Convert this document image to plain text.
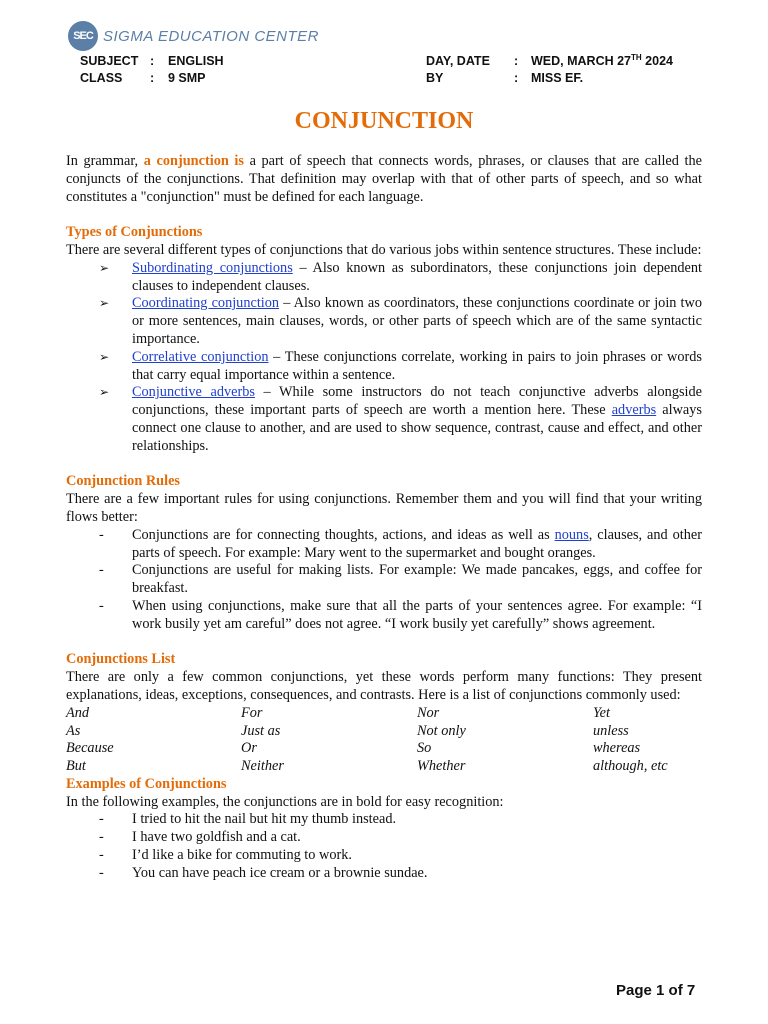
SEC SIGMA EDUCATION CENTER
SUBJECT :	ENGLISH
CLASS	:	9 SMP
DAY, DATE	:	WED, MARCH 27TH 2024
BY	:	MISS EF.
CONJUNCTION

In grammar, a conjunction is a part of speech that connects words, phrases, or clauses that are called the conjuncts of the conjunctions. That definition may overlap with that of other parts of speech, and so what constitutes a "conjunction" must be defined for each language.

Types of Conjunctions

There are several different types of conjunctions that do various jobs within sentence structures. These include:

➢ Subordinating conjunctions – Also known as subordinators, these conjunctions join dependent clauses to independent clauses.
➢ Coordinating conjunction – Also known as coordinators, these conjunctions coordinate or join two or more sentences, main clauses, words, or other parts of speech which are of the same syntactic importance.
➢ Correlative conjunction – These conjunctions correlate, working in pairs to join phrases or words that carry equal importance within a sentence.
➢ Conjunctive adverbs – While some instructors do not teach conjunctive adverbs alongside conjunctions, these important parts of speech are worth a mention here. These adverbs always connect one clause to another, and are used to show sequence, contrast, cause and effect, and other relationships.
Conjunction Rules

There are a few important rules for using conjunctions. Remember them and you will find that your writing flows better:

- Conjunctions are for connecting thoughts, actions, and ideas as well as nouns, clauses, and other parts of speech. For example: Mary went to the supermarket and bought oranges.
- Conjunctions are useful for making lists. For example: We made pancakes, eggs, and coffee for breakfast.
- When using conjunctions, make sure that all the parts of your sentences agree. For example: “I work busily yet am careful” does not agree. “I work busily yet carefully” shows agreement.
Conjunctions List

There are only a few common conjunctions, yet these words perform many functions: They present explanations, ideas, exceptions, consequences, and contrasts. Here is a list of conjunctions commonly used:

And	For	Nor	Yet
As	Just as	Not only	unless
Because	Or	So	whereas
But	Neither	Whether	although, etc
Examples of Conjunctions

In the following examples, the conjunctions are in bold for easy recognition:

- I tried to hit the nail but hit my thumb instead.
- I have two goldfish and a cat.
- I’d like a bike for commuting to work.
- You can have peach ice cream or a brownie sundae.
Page 1 of 7
